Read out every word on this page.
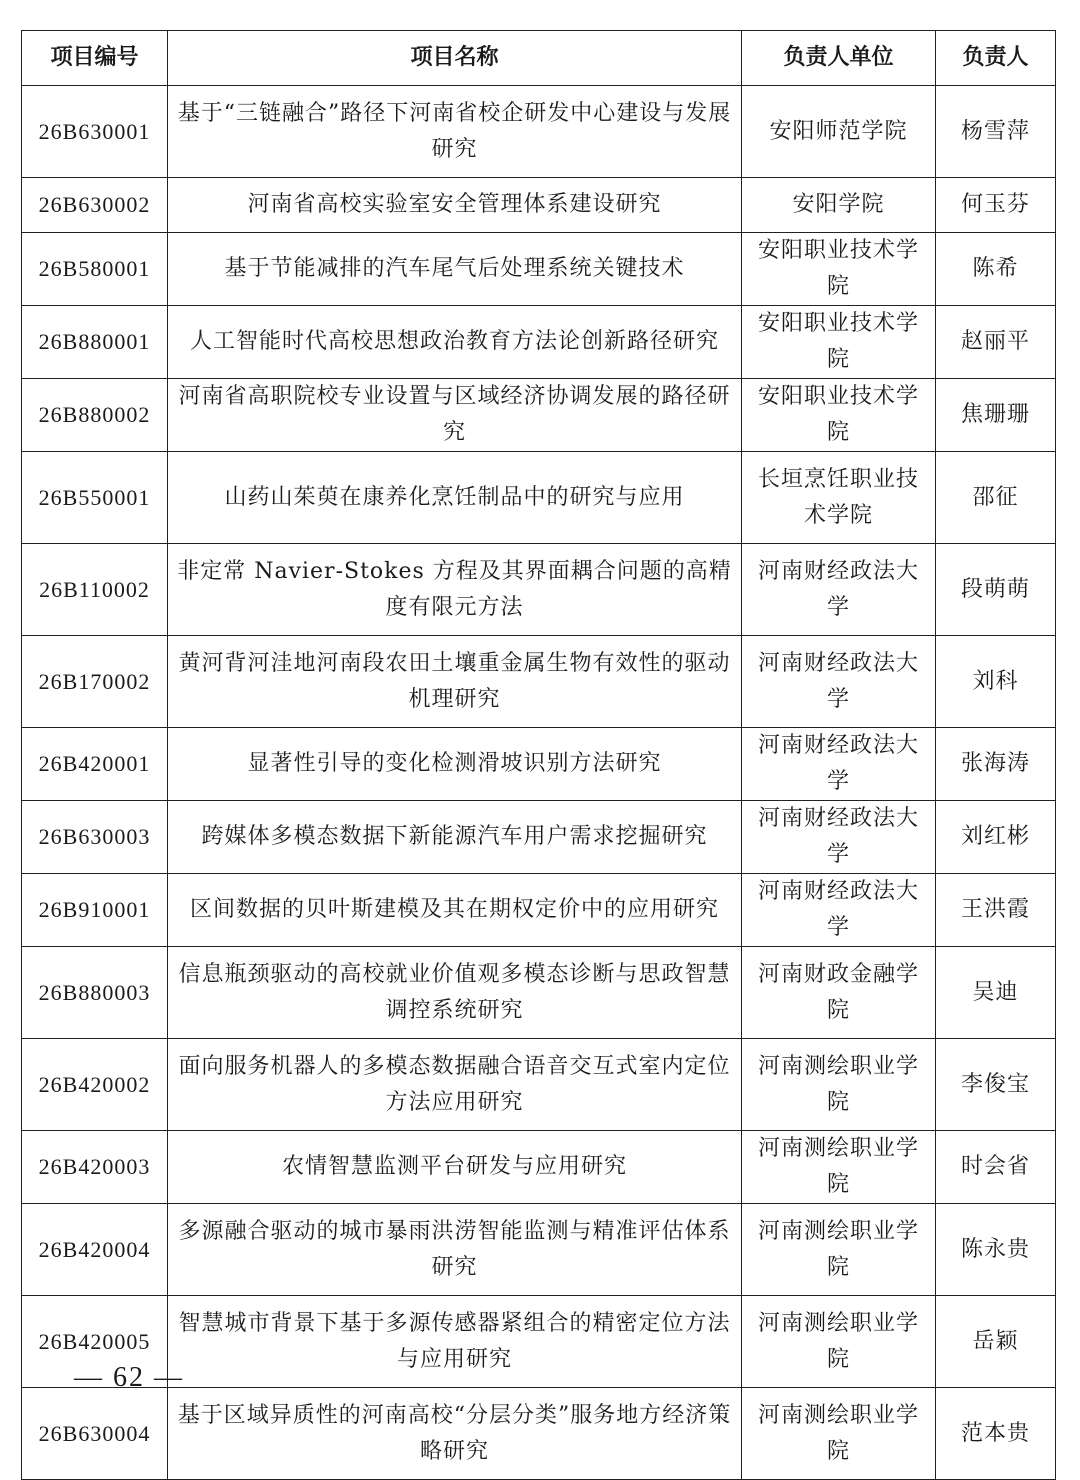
项目编号	项目名称	负责人单位	负责人
26B630001	基于“三链融合”路径下河南省校企研发中心建设与发展研究	安阳师范学院	杨雪萍
26B630002	河南省高校实验室安全管理体系建设研究	安阳学院	何玉芬
26B580001	基于节能减排的汽车尾气后处理系统关键技术	安阳职业技术学院	陈希
26B880001	人工智能时代高校思想政治教育方法论创新路径研究	安阳职业技术学院	赵丽平
26B880002	河南省高职院校专业设置与区域经济协调发展的路径研究	安阳职业技术学院	焦珊珊
26B550001	山药山茱萸在康养化烹饪制品中的研究与应用	长垣烹饪职业技术学院	邵征
26B110002	非定常 Navier-Stokes 方程及其界面耦合问题的高精度有限元方法	河南财经政法大学	段萌萌
26B170002	黄河背河洼地河南段农田土壤重金属生物有效性的驱动机理研究	河南财经政法大学	刘科
26B420001	显著性引导的变化检测滑坡识别方法研究	河南财经政法大学	张海涛
26B630003	跨媒体多模态数据下新能源汽车用户需求挖掘研究	河南财经政法大学	刘红彬
26B910001	区间数据的贝叶斯建模及其在期权定价中的应用研究	河南财经政法大学	王洪霞
26B880003	信息瓶颈驱动的高校就业价值观多模态诊断与思政智慧调控系统研究	河南财政金融学院	吴迪
26B420002	面向服务机器人的多模态数据融合语音交互式室内定位方法应用研究	河南测绘职业学院	李俊宝
26B420003	农情智慧监测平台研发与应用研究	河南测绘职业学院	时会省
26B420004	多源融合驱动的城市暴雨洪涝智能监测与精准评估体系研究	河南测绘职业学院	陈永贵
26B420005	智慧城市背景下基于多源传感器紧组合的精密定位方法与应用研究	河南测绘职业学院	岳颖
26B630004	基于区域异质性的河南高校“分层分类”服务地方经济策略研究	河南测绘职业学院	范本贵
— 62 —
